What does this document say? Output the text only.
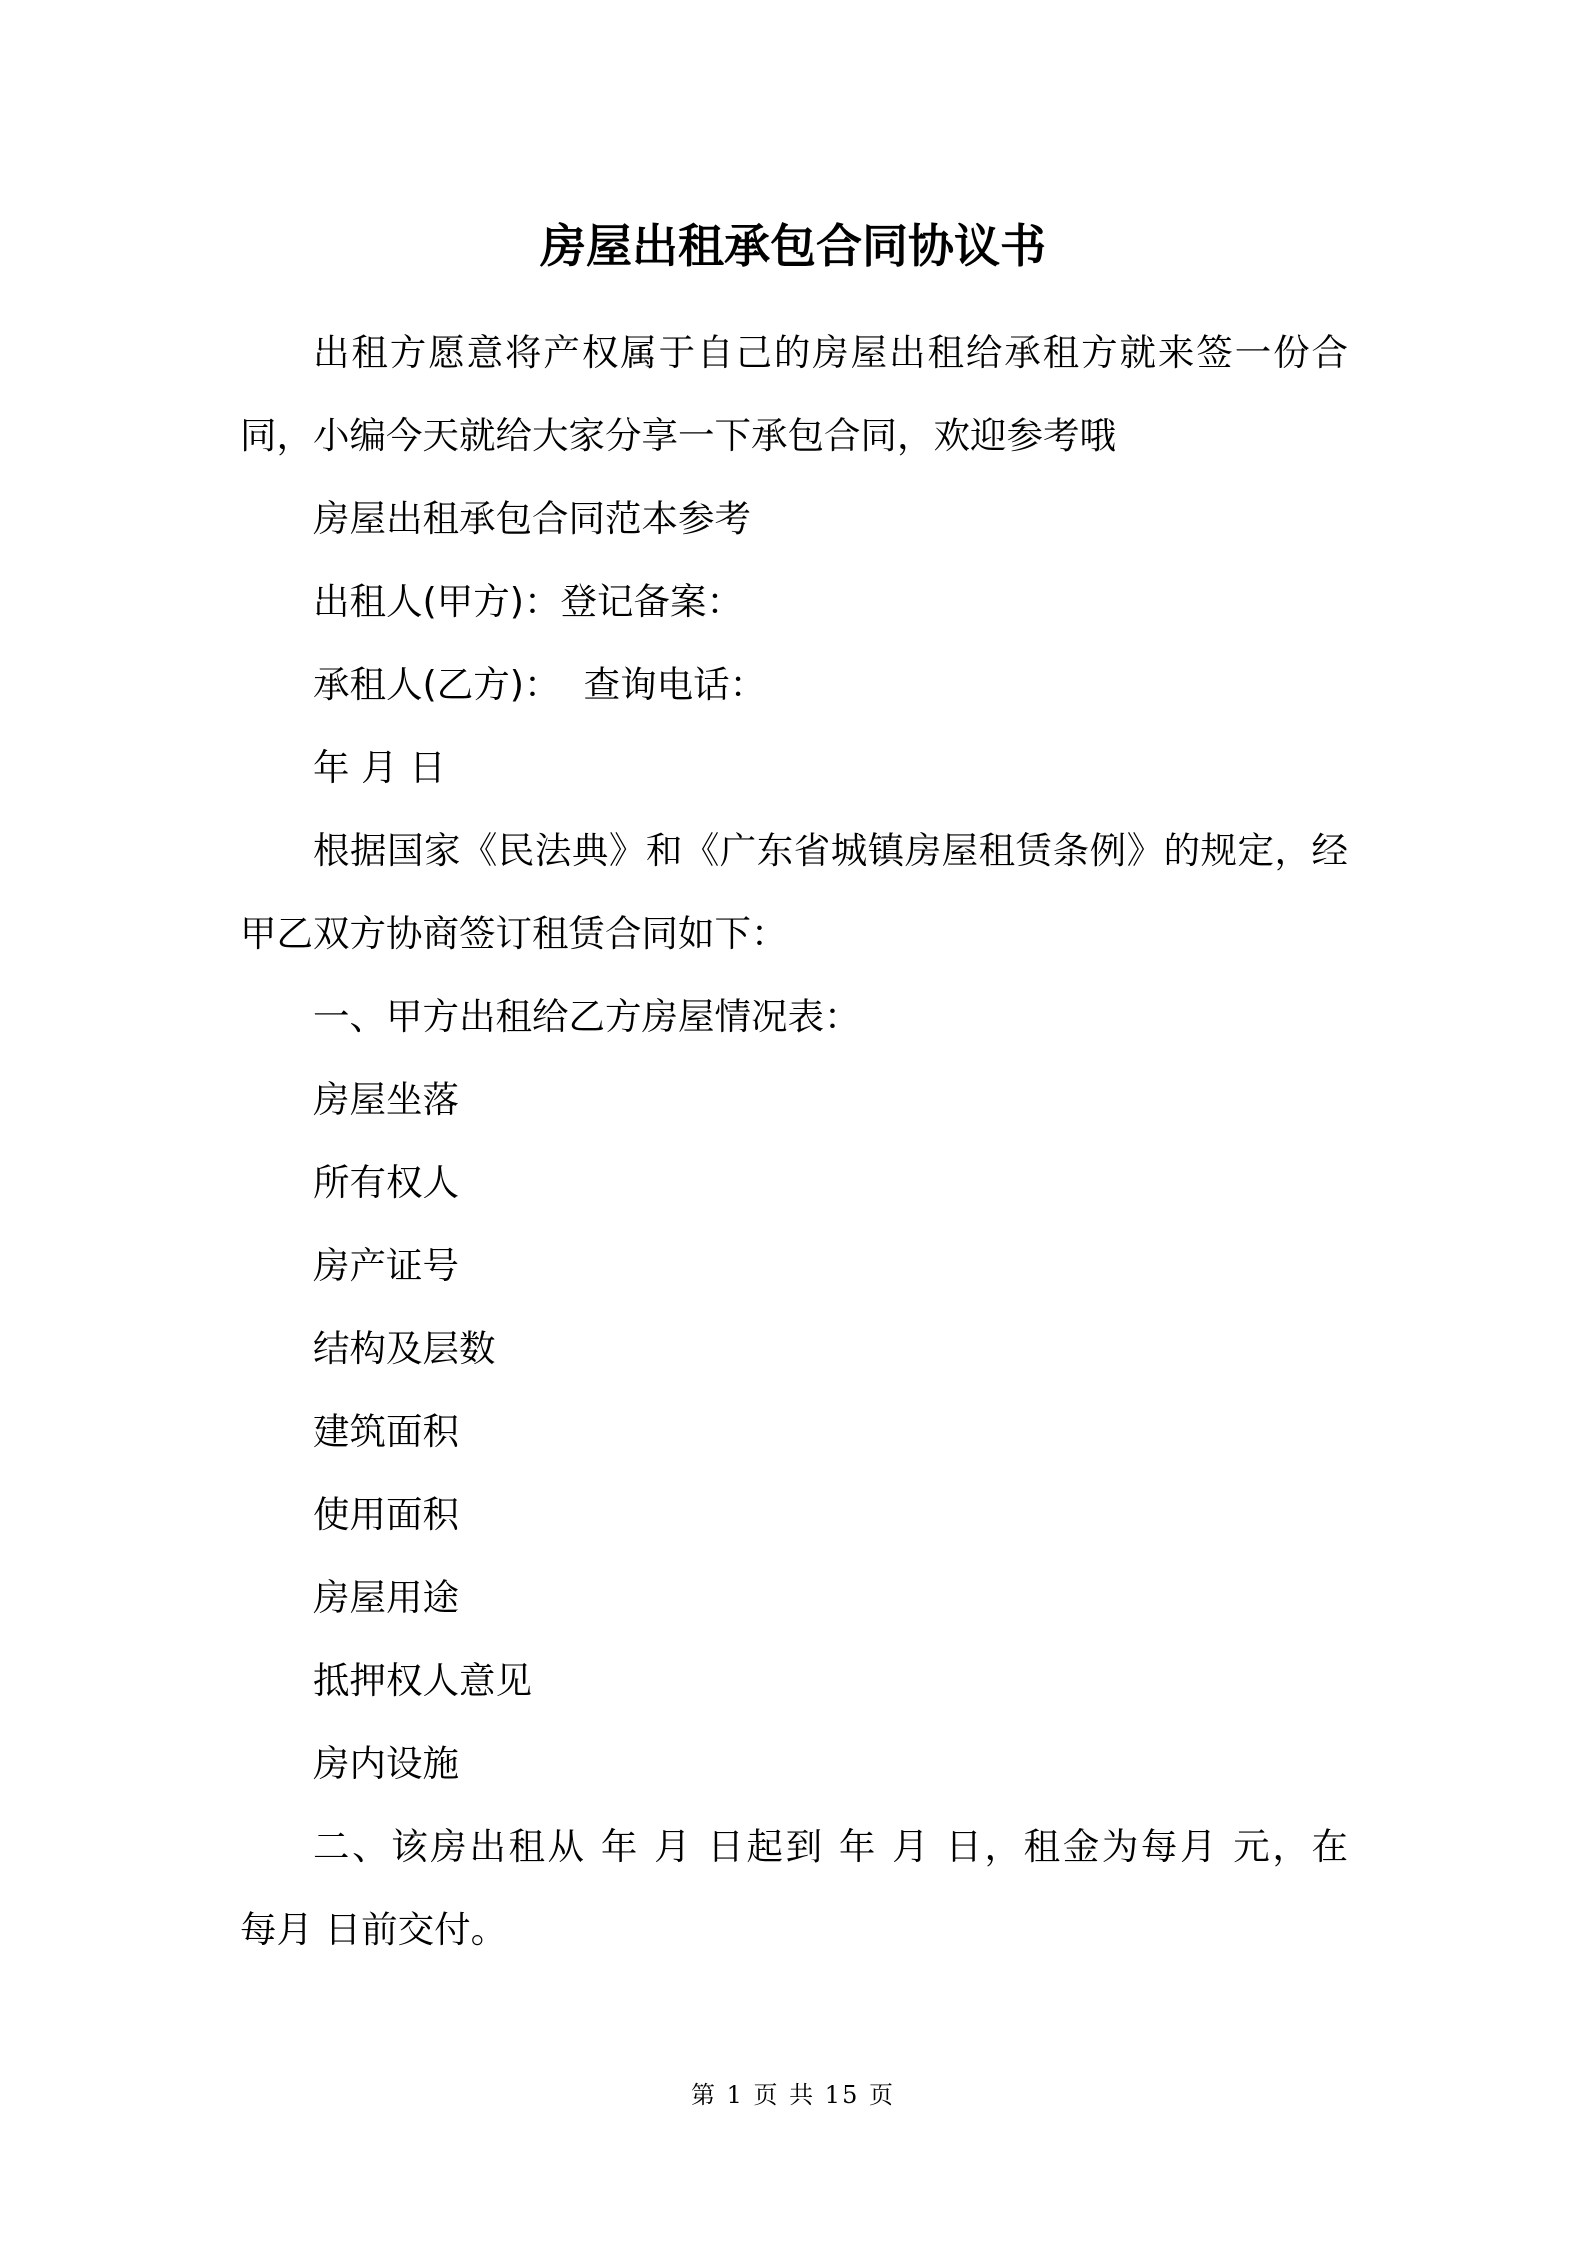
房屋出租承包合同协议书
出租方愿意将产权属于自己的房屋出租给承租方就来签一份合
同，小编今天就给大家分享一下承包合同，欢迎参考哦
房屋出租承包合同范本参考
出租人(甲方)：登记备案：
承租人(乙方)：  查询电话：
年 月 日
根据国家《民法典》和《广东省城镇房屋租赁条例》的规定，经
甲乙双方协商签订租赁合同如下：
一、甲方出租给乙方房屋情况表：
房屋坐落
所有权人
房产证号
结构及层数
建筑面积
使用面积
房屋用途
抵押权人意见
房内设施
二、该房出租从 年 月 日起到 年 月 日，租金为每月 元，在
每月 日前交付。
第 1 页 共 15 页
